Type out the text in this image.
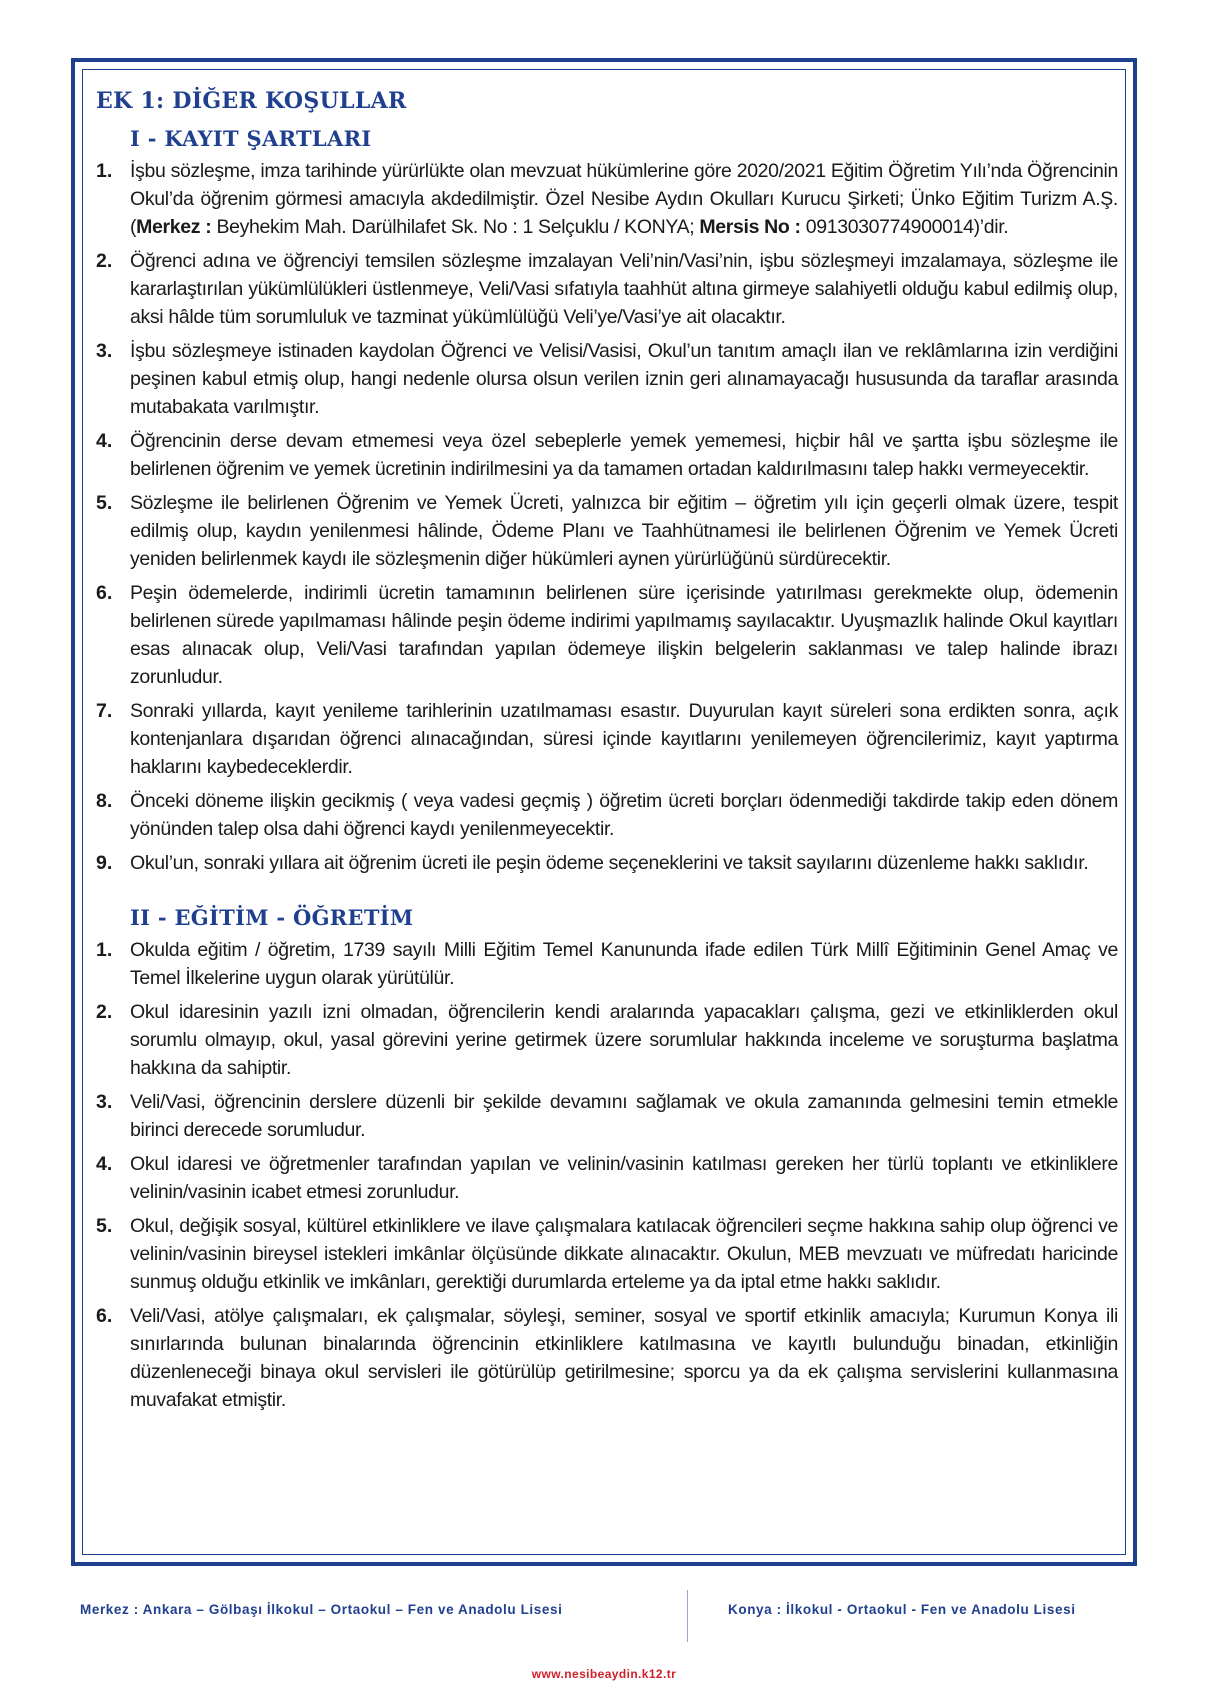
EK 1: DİĞER KOŞULLAR
I - KAYIT ŞARTLARI
1. İşbu sözleşme, imza tarihinde yürürlükte olan mevzuat hükümlerine göre 2020/2021 Eğitim Öğretim Yılı’nda Öğrencinin Okul’da öğrenim görmesi amacıyla akdedilmiştir. Özel Nesibe Aydın Okulları Kurucu Şirketi; Ünko Eğitim Turizm A.Ş. (Merkez : Beyhekim Mah. Darülhilafet Sk. No : 1 Selçuklu / KONYA; Mersis No : 0913030774900014)’dir.
2. Öğrenci adına ve öğrenciyi temsilen sözleşme imzalayan Veli’nin/Vasi’nin, işbu sözleşmeyi imzalamaya, sözleşme ile kararlaştırılan yükümlülükleri üstlenmeye, Veli/Vasi sıfatıyla taahhüt altına girmeye salahiyetli olduğu kabul edilmiş olup, aksi hâlde tüm sorumluluk ve tazminat yükümlülüğü Veli’ye/Vasi’ye ait olacaktır.
3. İşbu sözleşmeye istinaden kaydolan Öğrenci ve Velisi/Vasisi, Okul’un tanıtım amaçlı ilan ve reklâmlarına izin verdiğini peşinen kabul etmiş olup, hangi nedenle olursa olsun verilen iznin geri alınamayacağı hususunda da taraflar arasında mutabakata varılmıştır.
4. Öğrencinin derse devam etmemesi veya özel sebeplerle yemek yememesi, hiçbir hâl ve şartta işbu sözleşme ile belirlenen öğrenim ve yemek ücretinin indirilmesini ya da tamamen ortadan kaldırılmasını talep hakkı vermeyecektir.
5. Sözleşme ile belirlenen Öğrenim ve Yemek Ücreti, yalnızca bir eğitim – öğretim yılı için geçerli olmak üzere, tespit edilmiş olup, kaydın yenilenmesi hâlinde, Ödeme Planı ve Taahhütnamesi ile belirlenen Öğrenim ve Yemek Ücreti yeniden belirlenmek kaydı ile sözleşmenin diğer hükümleri aynen yürürlüğünü sürdürecektir.
6. Peşin ödemelerde, indirimli ücretin tamamının belirlenen süre içerisinde yatırılması gerekmekte olup, ödemenin belirlenen sürede yapılmaması hâlinde peşin ödeme indirimi yapılmamış sayılacaktır. Uyuşmazlık halinde Okul kayıtları esas alınacak olup, Veli/Vasi tarafından yapılan ödemeye ilişkin belgelerin saklanması ve talep halinde ibrazı zorunludur.
7. Sonraki yıllarda, kayıt yenileme tarihlerinin uzatılmaması esastır. Duyurulan kayıt süreleri sona erdikten sonra, açık kontenjanlara dışarıdan öğrenci alınacağından, süresi içinde kayıtlarını yenilemeyen öğrencilerimiz, kayıt yaptırma haklarını kaybedeceklerdir.
8. Önceki döneme ilişkin gecikmiş ( veya vadesi geçmiş ) öğretim ücreti borçları ödenmediği takdirde takip eden dönem yönünden talep olsa dahi öğrenci kaydı yenilenmeyecektir.
9. Okul’un, sonraki yıllara ait öğrenim ücreti ile peşin ödeme seçeneklerini ve taksit sayılarını düzenleme hakkı saklıdır.
II - EĞİTİM - ÖĞRETİM
1. Okulda eğitim / öğretim, 1739 sayılı Milli Eğitim Temel Kanununda ifade edilen Türk Millî Eğitiminin Genel Amaç ve Temel İlkelerine uygun olarak yürütülür.
2. Okul idaresinin yazılı izni olmadan, öğrencilerin kendi aralarında yapacakları çalışma, gezi ve etkinliklerden okul sorumlu olmayıp, okul, yasal görevini yerine getirmek üzere sorumlular hakkında inceleme ve soruşturma başlatma hakkına da sahiptir.
3. Veli/Vasi, öğrencinin derslere düzenli bir şekilde devamını sağlamak ve okula zamanında gelmesini temin etmekle birinci derecede sorumludur.
4. Okul idaresi ve öğretmenler tarafından yapılan ve velinin/vasinin katılması gereken her türlü toplantı ve etkinliklere velinin/vasinin icabet etmesi zorunludur.
5. Okul, değişik sosyal, kültürel etkinliklere ve ilave çalışmalara katılacak öğrencileri seçme hakkına sahip olup öğrenci ve velinin/vasinin bireysel istekleri imkânlar ölçüsünde dikkate alınacaktır. Okulun, MEB mevzuatı ve müfredatı haricinde sunmuş olduğu etkinlik ve imkânları, gerektiği durumlarda erteleme ya da iptal etme hakkı saklıdır.
6. Veli/Vasi, atölye çalışmaları, ek çalışmalar, söyleşi, seminer, sosyal ve sportif etkinlik amacıyla; Kurumun Konya ili sınırlarında bulunan binalarında öğrencinin etkinliklere katılmasına ve kayıtlı bulunduğu binadan, etkinliğin düzenleneceği binaya okul servisleri ile götürülüp getirilmesine; sporcu ya da ek çalışma servislerini kullanmasına muvafakat etmiştir.
Merkez : Ankara – Gölbaşı İlkokul – Ortaokul – Fen ve Anadolu Lisesi	Konya : İlkokul - Ortaokul - Fen ve Anadolu Lisesi
www.nesibeaydin.k12.tr
